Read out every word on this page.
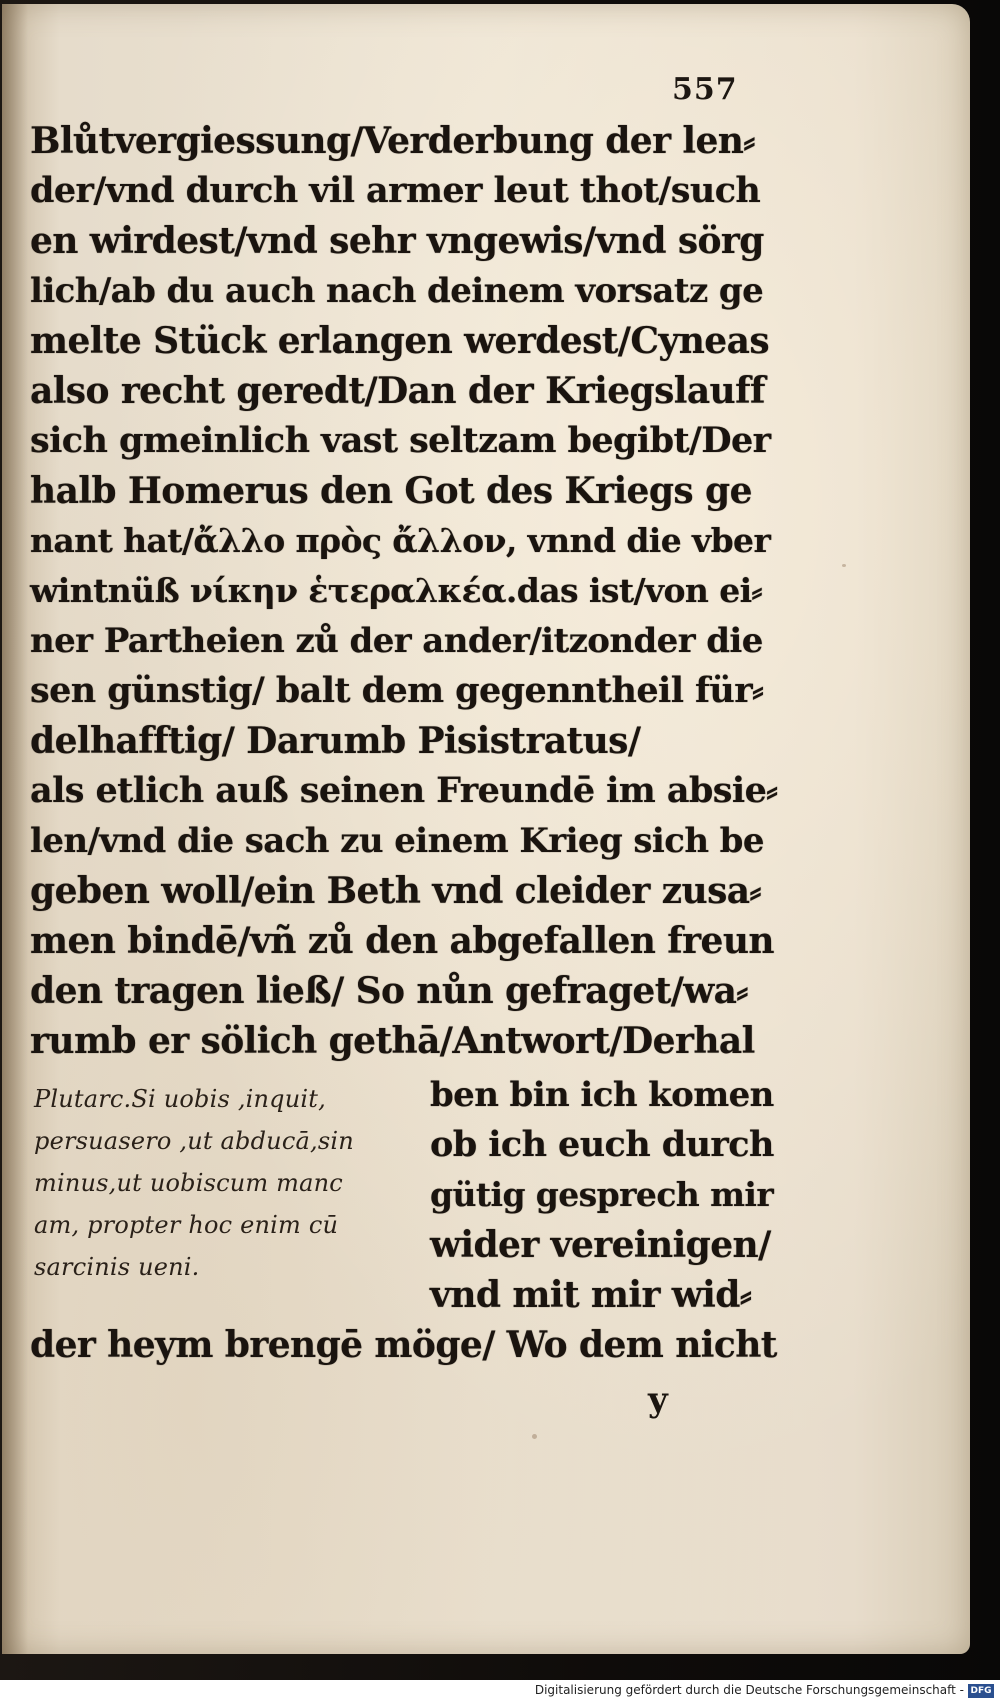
557
Blůtvergiessung/Verderbung der len⸗
der/vnd durch vil armer leut thot/such
en wirdest/vnd sehr vngewis/vnd sörg
lich/ab du auch nach deinem vorsatz ge
melte Stück erlangen werdest/Cyneas
also recht geredt/Dan der Kriegslauff
sich gmeinlich vast seltzam begibt/Der
halb Homerus den Got des Kriegs ge
nant hat/ἄλλο πρὸς ἄλλον, vnnd die vber
wintnüß νίκην ἑτεραλκέα.das ist/von ei⸗
ner Partheien zů der ander/itzonder die
sen günstig/ balt dem gegenntheil für⸗
delhafftig/ Darumb Pisistratus/
als etlich auß seinen Freundē im absie⸗
len/vnd die sach zu einem Krieg sich be
geben woll/ein Beth vnd cleider zusa⸗
men bindē/vñ zů den abgefallen freun
den tragen ließ/ So nůn gefraget/wa⸗
rumb er sölich gethā/Antwort/Derhal
Plutarc.Si uobis ,inquit,
persuasero ,ut abducā,sin
minus,ut uobiscum manc
am, propter hoc enim cū
sarcinis ueni.
ben bin ich komen
ob ich euch durch
gütig gesprech mir
wider vereinigen/
vnd mit mir wid⸗
der heym brengē möge/ Wo dem nicht
y
Digitalisierung gefördert durch die Deutsche Forschungsgemeinschaft - DFG
